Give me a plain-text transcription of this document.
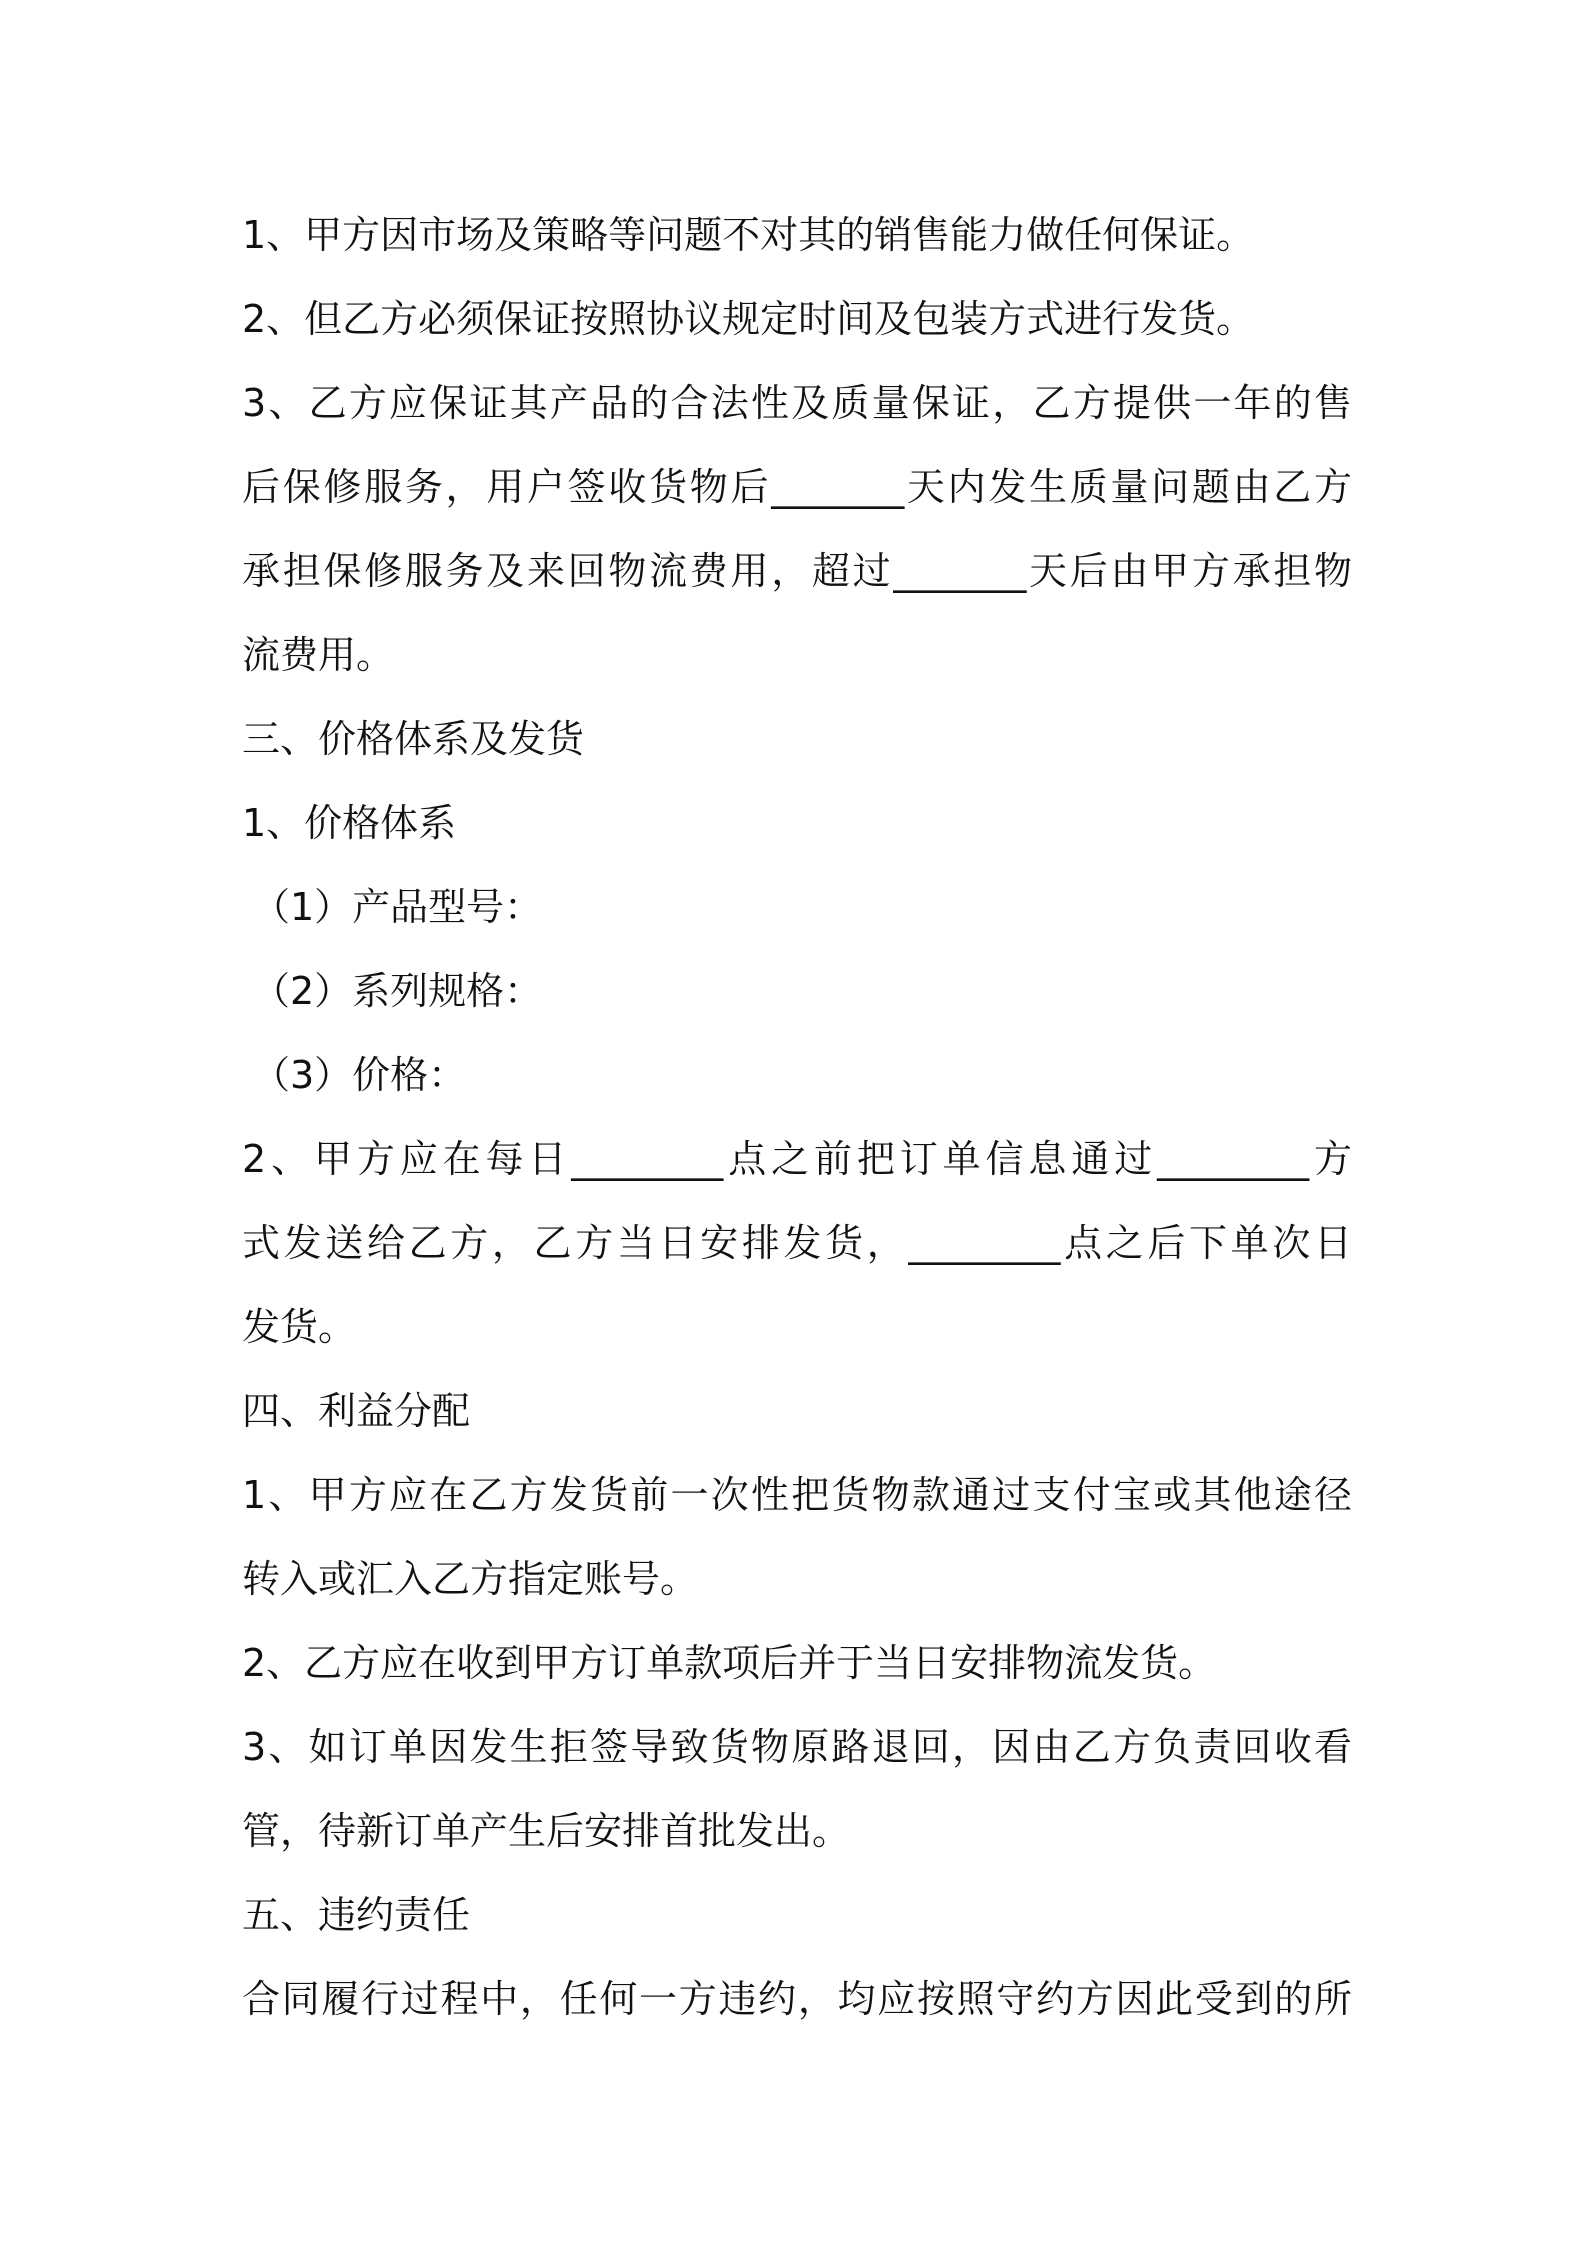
1、甲方因市场及策略等问题不对其的销售能力做任何保证。
2、但乙方必须保证按照协议规定时间及包装方式进行发货。
3、乙方应保证其产品的合法性及质量保证，乙方提供一年的售
后保修服务，用户签收货物后_______天内发生质量问题由乙方
承担保修服务及来回物流费用，超过_______天后由甲方承担物
流费用。
三、价格体系及发货
1、价格体系
（1）产品型号：
（2）系列规格：
（3）价格：
2、甲方应在每日________点之前把订单信息通过________方
式发送给乙方，乙方当日安排发货，________点之后下单次日
发货。
四、利益分配
1、甲方应在乙方发货前一次性把货物款通过支付宝或其他途径
转入或汇入乙方指定账号。
2、乙方应在收到甲方订单款项后并于当日安排物流发货。
3、如订单因发生拒签导致货物原路退回，因由乙方负责回收看
管，待新订单产生后安排首批发出。
五、违约责任
合同履行过程中，任何一方违约，均应按照守约方因此受到的所
